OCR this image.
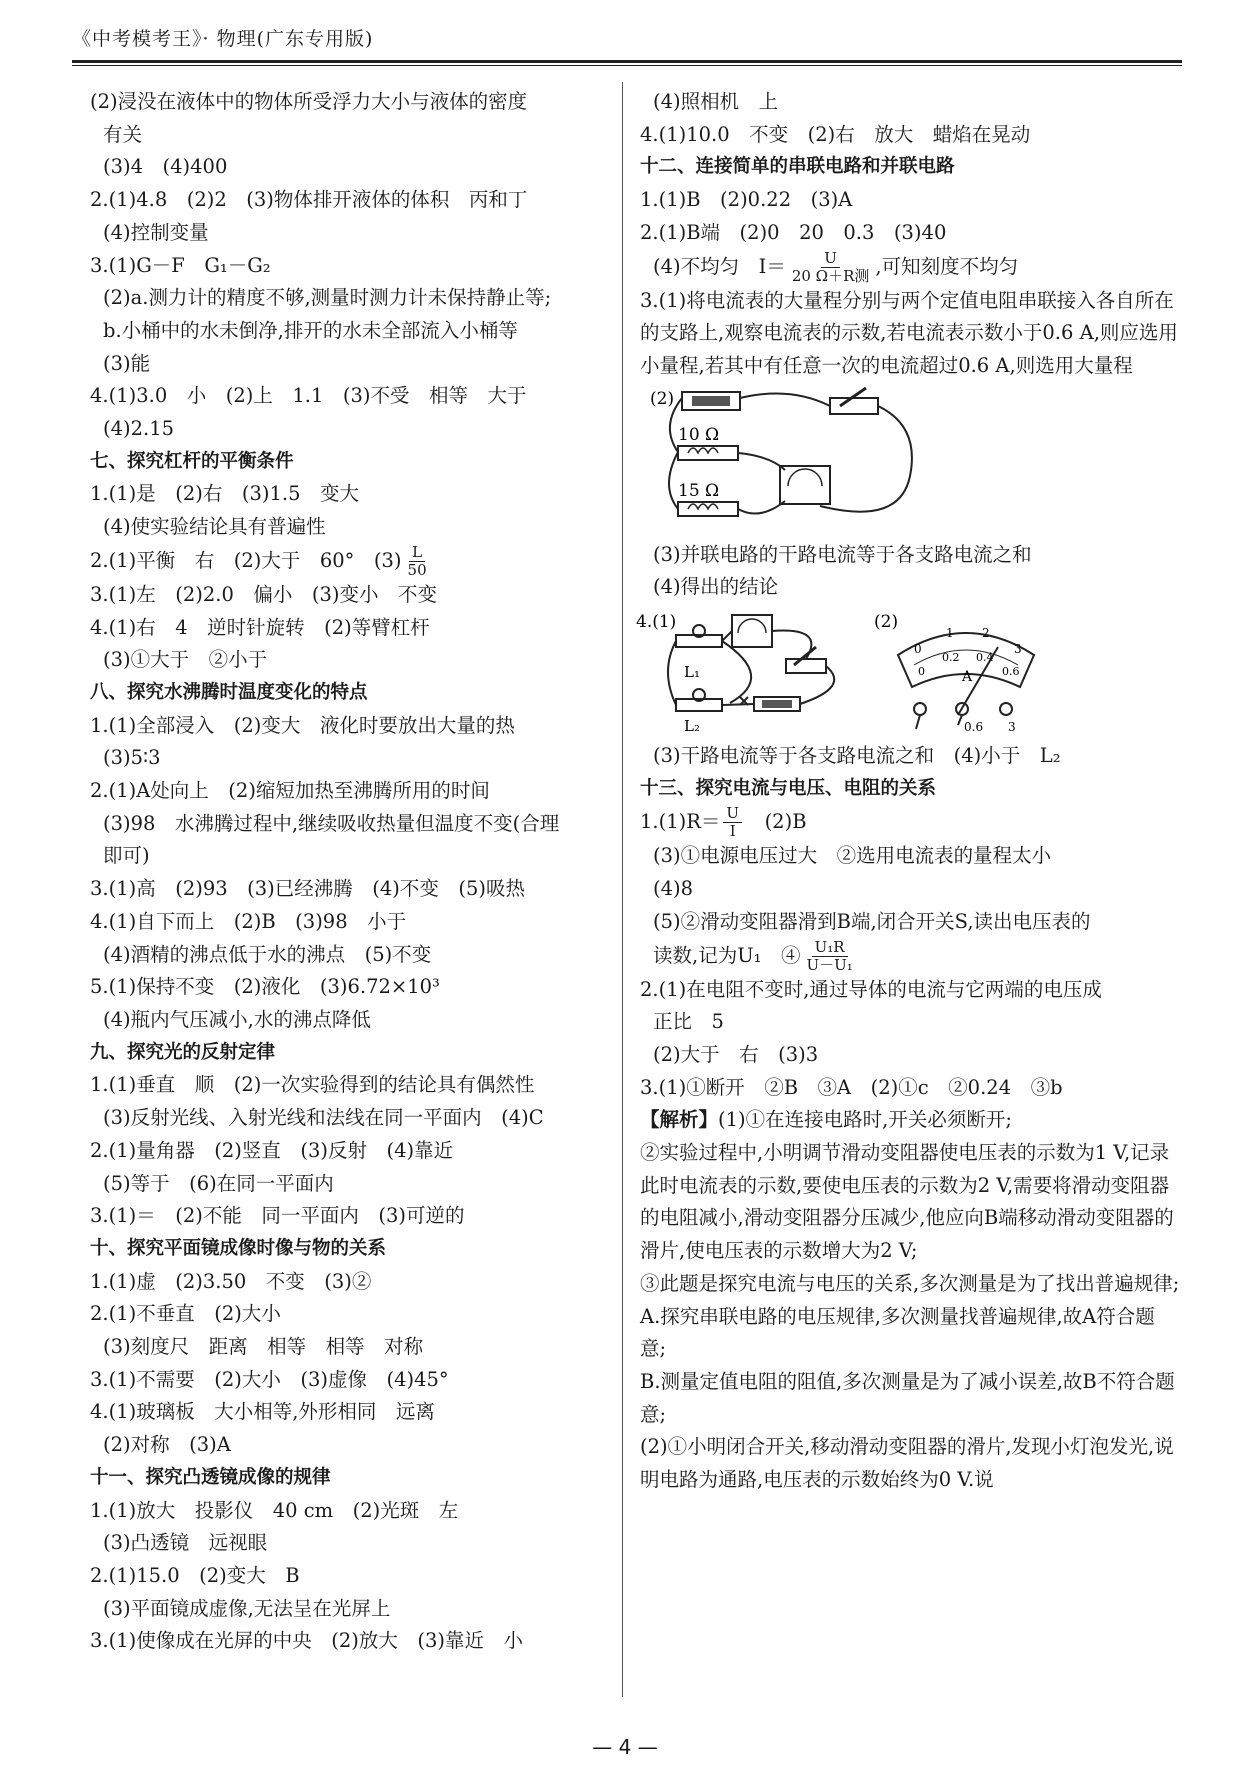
《中考模考王》· 物理(广东专用版)
(2)浸没在液体中的物体所受浮力大小与液体的密度
有关
(3)4　(4)400
2.(1)4.8　(2)2　(3)物体排开液体的体积　丙和丁
(4)控制变量
3.(1)G－F　G₁－G₂
(2)a.测力计的精度不够,测量时测力计未保持静止等;
b.小桶中的水未倒净,排开的水未全部流入小桶等
(3)能
4.(1)3.0　小　(2)上　1.1　(3)不受　相等　大于
(4)2.15
七、探究杠杆的平衡条件
1.(1)是　(2)右　(3)1.5　变大
(4)使实验结论具有普遍性
2.(1)平衡　右　(2)大于　60°　$(3) \frac{L}{50}$
3.(1)左　(2)2.0　偏小　(3)变小　不变
4.(1)右　4　逆时针旋转　(2)等臂杠杆
(3)①大于　②小于
八、探究水沸腾时温度变化的特点
1.(1)全部浸入　(2)变大　液化时要放出大量的热
(3)5∶3
2.(1)A处向上　(2)缩短加热至沸腾所用的时间
(3)98　水沸腾过程中,继续吸收热量但温度不变(合理
即可)
3.(1)高　(2)93　(3)已经沸腾　(4)不变　(5)吸热
4.(1)自下而上　(2)B　(3)98　小于
(4)酒精的沸点低于水的沸点　(5)不变
5.(1)保持不变　(2)液化　(3)6.72×10³
(4)瓶内气压减小,水的沸点降低
九、探究光的反射定律
1.(1)垂直　顺　(2)一次实验得到的结论具有偶然性
(3)反射光线、入射光线和法线在同一平面内　(4)C
2.(1)量角器　(2)竖直　(3)反射　(4)靠近
(5)等于　(6)在同一平面内
3.(1)＝　(2)不能　同一平面内　(3)可逆的
十、探究平面镜成像时像与物的关系
1.(1)虚　(2)3.50　不变　(3)②
2.(1)不垂直　(2)大小
(3)刻度尺　距离　相等　相等　对称
3.(1)不需要　(2)大小　(3)虚像　(4)45°
4.(1)玻璃板　大小相等,外形相同　远离
(2)对称　(3)A
十一、探究凸透镜成像的规律
1.(1)放大　投影仪　40 cm　(2)光斑　左
(3)凸透镜　远视眼
2.(1)15.0　(2)变大　B
(3)平面镜成虚像,无法呈在光屏上
3.(1)使像成在光屏的中央　(2)放大　(3)靠近　小
(4)照相机　上
4.(1)10.0　不变　(2)右　放大　蜡焰在晃动
十二、连接简单的串联电路和并联电路
1.(1)B　(2)0.22　(3)A
2.(1)B端　(2)0　20　0.3　(3)40
(4)不均匀　$I= \frac{U}{\text{20 Ω＋R测}}$ ,可知刻度不均匀
3.(1)将电流表的大量程分别与两个定值电阻串联接入各自所在的支路上,观察电流表的示数,若电流表示数小于0.6 A,则应选用小量程,若其中有任意一次的电流超过0.6 A,则选用大量程
(2)
10 Ω
15 Ω
(3)并联电路的干路电流等于各支路电流之和
(4)得出的结论
4.(1)	(2)
L₁
L₂
0
1 2
3
0
0.2 0.4
0.6
A
0.6 3
(3)干路电流等于各支路电流之和　(4)小于　L₂
十三、探究电流与电压、电阻的关系
$1.(1)R= \frac{U}{I}$ 　(2)B
(3)①电源电压过大　②选用电流表的量程太小
(4)8
(5)②滑动变阻器滑到B端,闭合开关S,读出电压表的
读数,记为U₁　④ $\frac{\text{U₁R}}{\text{U－U₁}}$
2.(1)在电阻不变时,通过导体的电流与它两端的电压成
正比　5
(2)大于　右　(3)3
3.(1)①断开　②B　③A　(2)①c　②0.24　③b
【解析】(1)①在连接电路时,开关必须断开;
②实验过程中,小明调节滑动变阻器使电压表的示数为1 V,记录此时电流表的示数,要使电压表的示数为2 V,需要将滑动变阻器的电阻减小,滑动变阻器分压减少,他应向B端移动滑动变阻器的滑片,使电压表的示数增大为2 V;
③此题是探究电流与电压的关系,多次测量是为了找出普遍规律;
A.探究串联电路的电压规律,多次测量找普遍规律,故A符合题意;
B.测量定值电阻的阻值,多次测量是为了减小误差,故B不符合题意;
(2)①小明闭合开关,移动滑动变阻器的滑片,发现小灯泡发光,说明电路为通路,电压表的示数始终为0 V.说
— 4 —
